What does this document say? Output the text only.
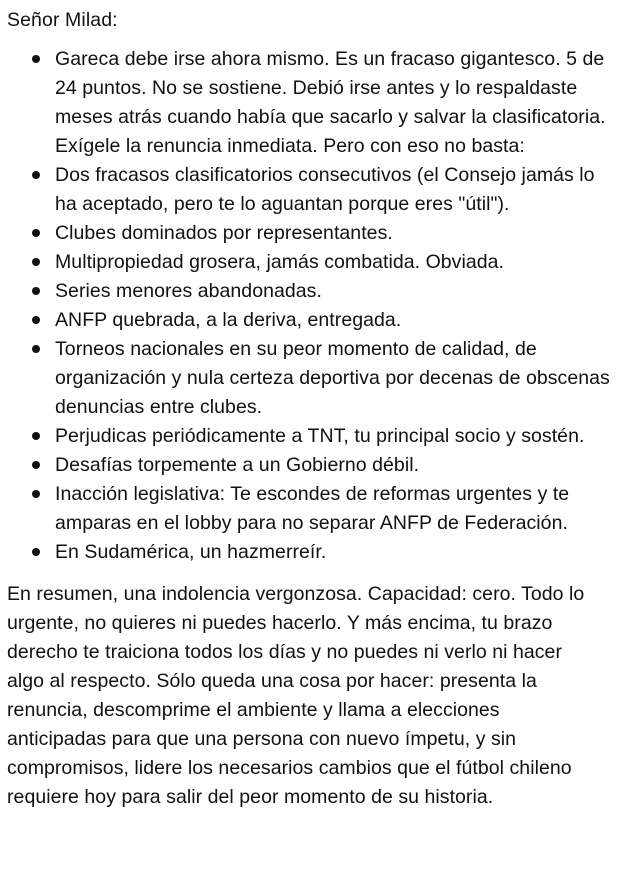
Señor Milad:
Gareca debe irse ahora mismo. Es un fracaso gigantesco. 5 de 24 puntos. No se sostiene. Debió irse antes y lo respaldaste meses atrás cuando había que sacarlo y salvar la clasificatoria. Exígele la renuncia inmediata. Pero con eso no basta:
Dos fracasos clasificatorios consecutivos (el Consejo jamás lo ha aceptado, pero te lo aguantan porque eres "útil").
Clubes dominados por representantes.
Multipropiedad grosera, jamás combatida. Obviada.
Series menores abandonadas.
ANFP quebrada, a la deriva, entregada.
Torneos nacionales en su peor momento de calidad, de organización y nula certeza deportiva por decenas de obscenas denuncias entre clubes.
Perjudicas periódicamente a TNT, tu principal socio y sostén.
Desafías torpemente a un Gobierno débil.
Inacción legislativa: Te escondes de reformas urgentes y te amparas en el lobby para no separar ANFP de Federación.
En Sudamérica, un hazmerreír.
En resumen, una indolencia vergonzosa. Capacidad: cero. Todo lo urgente, no quieres ni puedes hacerlo. Y más encima, tu brazo derecho te traiciona todos los días y no puedes ni verlo ni hacer algo al respecto. Sólo queda una cosa por hacer: presenta la renuncia, descomprime el ambiente y llama a elecciones anticipadas para que una persona con nuevo ímpetu, y sin compromisos, lidere los necesarios cambios que el fútbol chileno requiere hoy para salir del peor momento de su historia.
